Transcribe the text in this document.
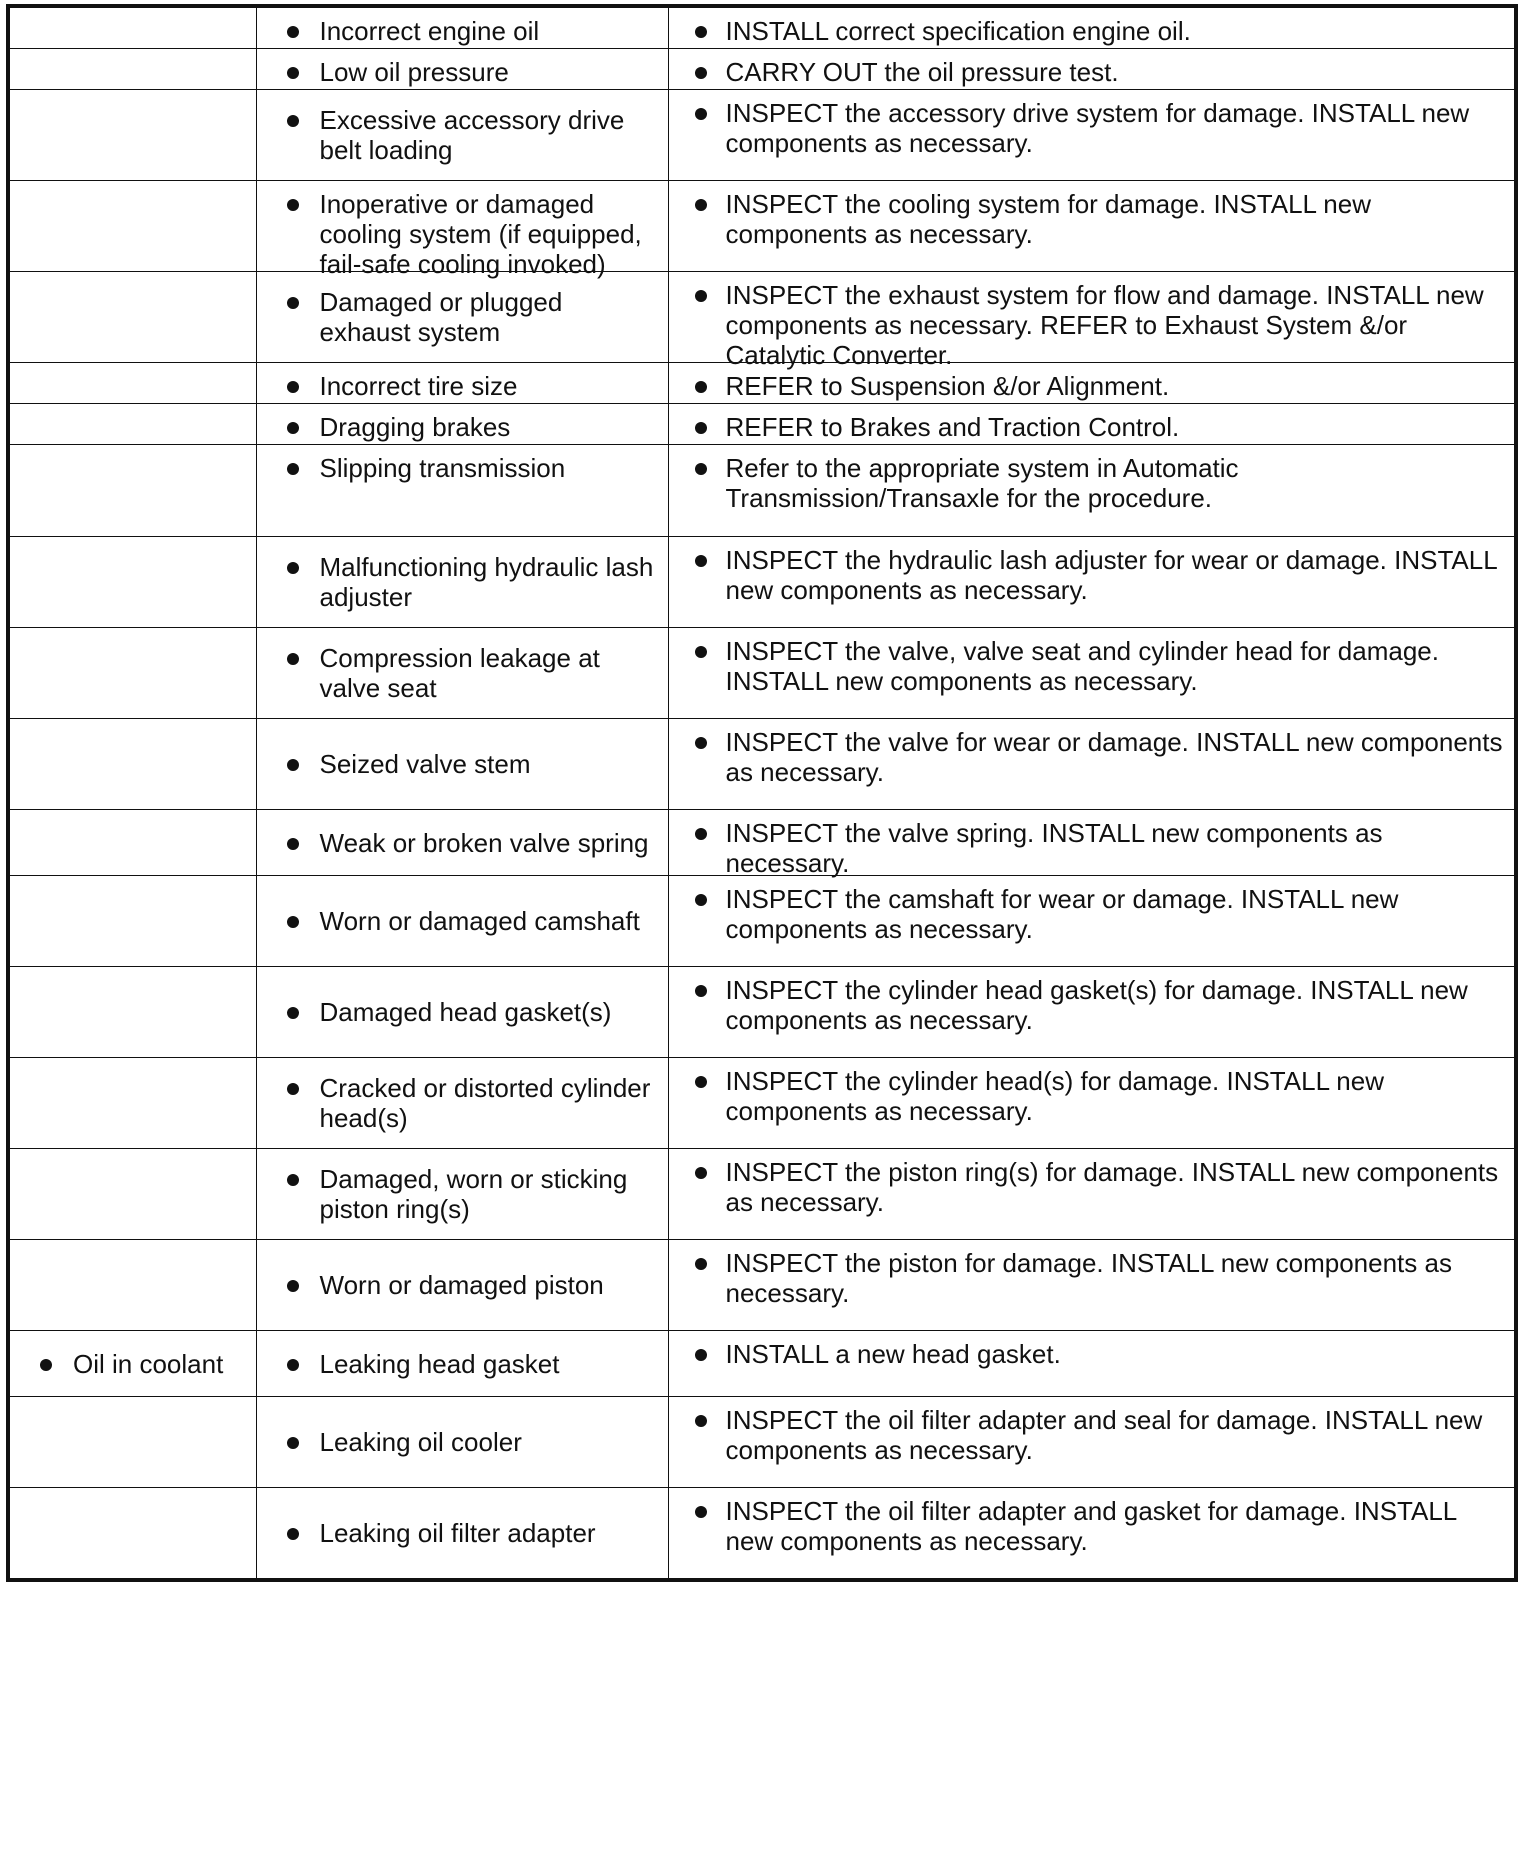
	Incorrect engine oil	INSTALL correct specification engine oil.

	Low oil pressure	CARRY OUT the oil pressure test.

	Excessive accessory drive belt loading	INSPECT the accessory drive system for damage. INSTALL new components as necessary.

	Inoperative or damaged cooling system (if equipped, fail-safe cooling invoked)	INSPECT the cooling system for damage. INSTALL new components as necessary.

	Damaged or plugged exhaust system	INSPECT the exhaust system for flow and damage. INSTALL new components as necessary. REFER to Exhaust System &/or Catalytic Converter.

	Incorrect tire size	REFER to Suspension &/or Alignment.

	Dragging brakes	REFER to Brakes and Traction Control.

	Slipping transmission	Refer to the appropriate system in Automatic Transmission/Transaxle for the procedure.

	Malfunctioning hydraulic lash adjuster	INSPECT the hydraulic lash adjuster for wear or damage. INSTALL new components as necessary.

	Compression leakage at valve seat	INSPECT the valve, valve seat and cylinder head for damage. INSTALL new components as necessary.

	Seized valve stem	INSPECT the valve for wear or damage. INSTALL new components as necessary.

	Weak or broken valve spring	INSPECT the valve spring. INSTALL new components as necessary.

	Worn or damaged camshaft	INSPECT the camshaft for wear or damage. INSTALL new components as necessary.

	Damaged head gasket(s)	INSPECT the cylinder head gasket(s) for damage. INSTALL new components as necessary.

	Cracked or distorted cylinder head(s)	INSPECT the cylinder head(s) for damage. INSTALL new components as necessary.

	Damaged, worn or sticking piston ring(s)	INSPECT the piston ring(s) for damage. INSTALL new components as necessary.

	Worn or damaged piston	INSPECT the piston for damage. INSTALL new components as necessary.

Oil in coolant	Leaking head gasket	INSTALL a new head gasket.

	Leaking oil cooler	INSPECT the oil filter adapter and seal for damage. INSTALL new components as necessary.

	Leaking oil filter adapter	INSPECT the oil filter adapter and gasket for damage. INSTALL new components as necessary.
